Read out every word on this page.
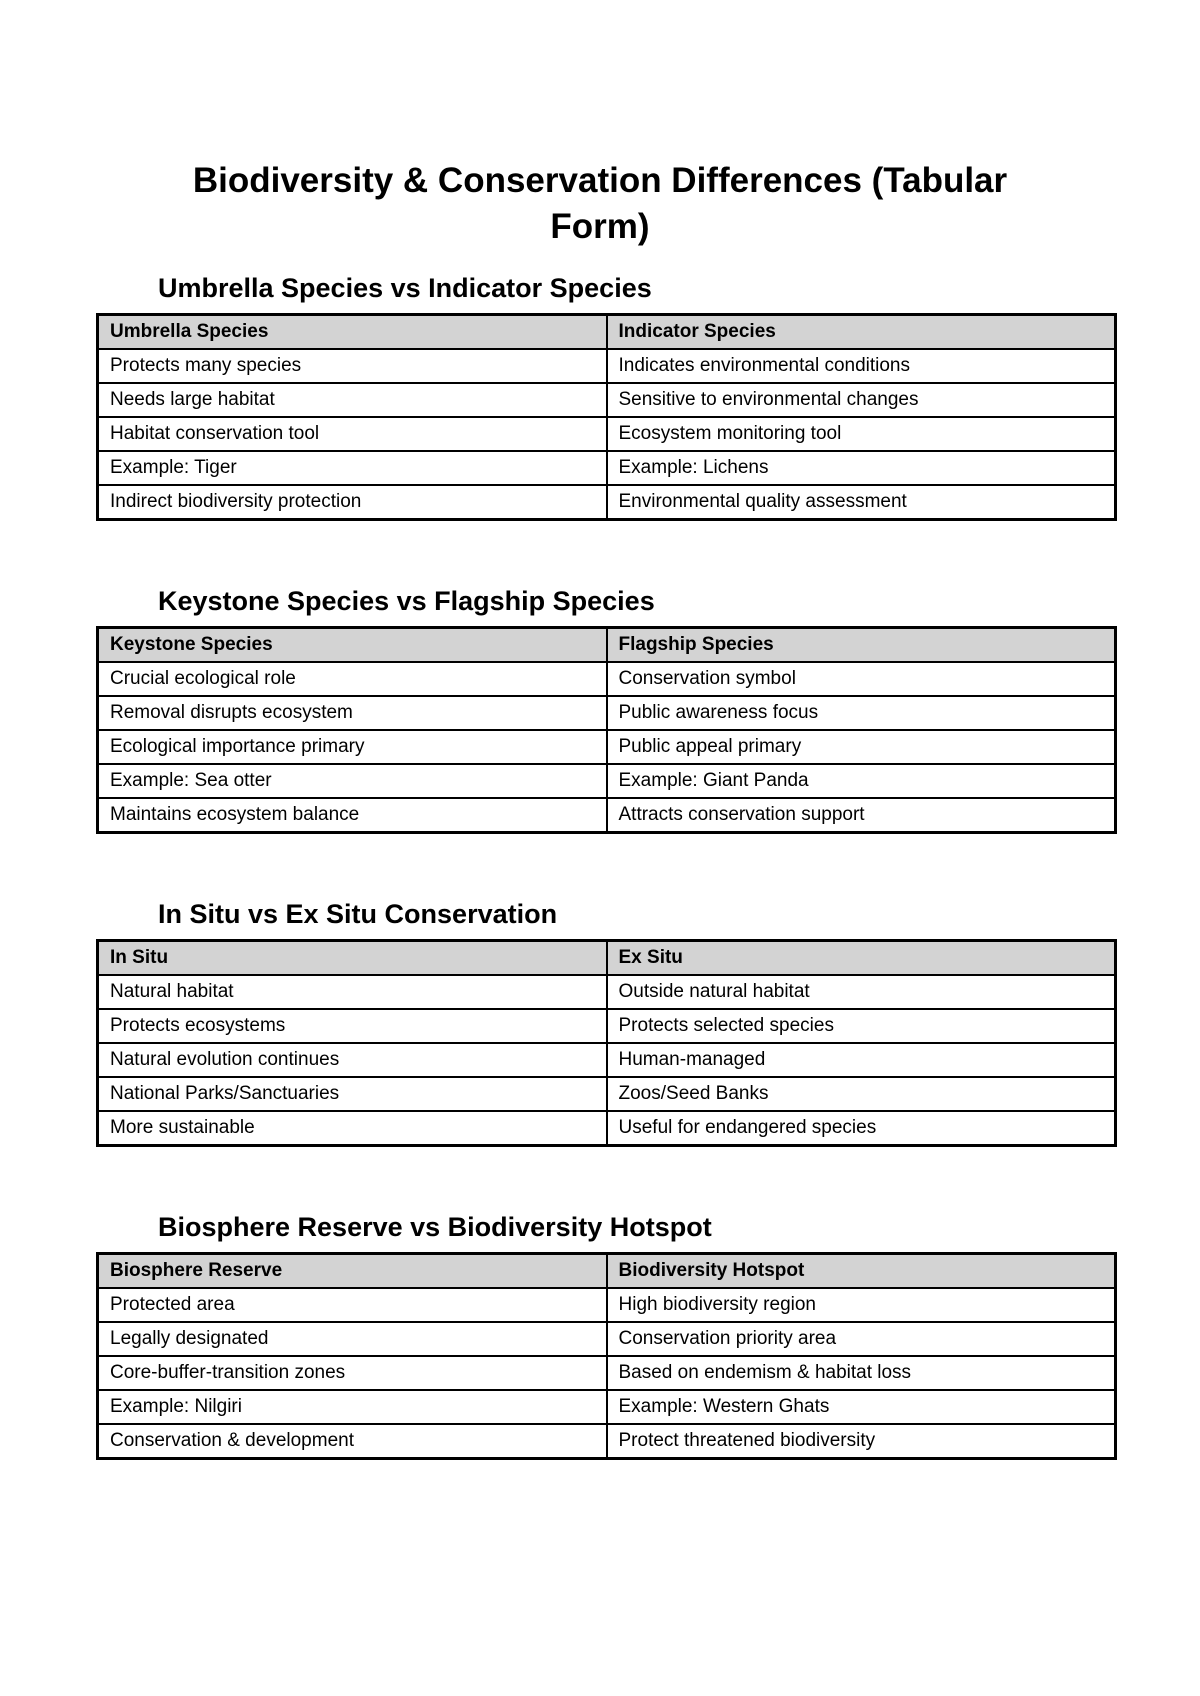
Biodiversity & Conservation Differences (Tabular Form)
Umbrella Species vs Indicator Species
Umbrella Species	Indicator Species
Protects many species	Indicates environmental conditions
Needs large habitat	Sensitive to environmental changes
Habitat conservation tool	Ecosystem monitoring tool
Example: Tiger	Example: Lichens
Indirect biodiversity protection	Environmental quality assessment
Keystone Species vs Flagship Species
Keystone Species	Flagship Species
Crucial ecological role	Conservation symbol
Removal disrupts ecosystem	Public awareness focus
Ecological importance primary	Public appeal primary
Example: Sea otter	Example: Giant Panda
Maintains ecosystem balance	Attracts conservation support
In Situ vs Ex Situ Conservation
In Situ	Ex Situ
Natural habitat	Outside natural habitat
Protects ecosystems	Protects selected species
Natural evolution continues	Human-managed
National Parks/Sanctuaries	Zoos/Seed Banks
More sustainable	Useful for endangered species
Biosphere Reserve vs Biodiversity Hotspot
Biosphere Reserve	Biodiversity Hotspot
Protected area	High biodiversity region
Legally designated	Conservation priority area
Core-buffer-transition zones	Based on endemism & habitat loss
Example: Nilgiri	Example: Western Ghats
Conservation & development	Protect threatened biodiversity
